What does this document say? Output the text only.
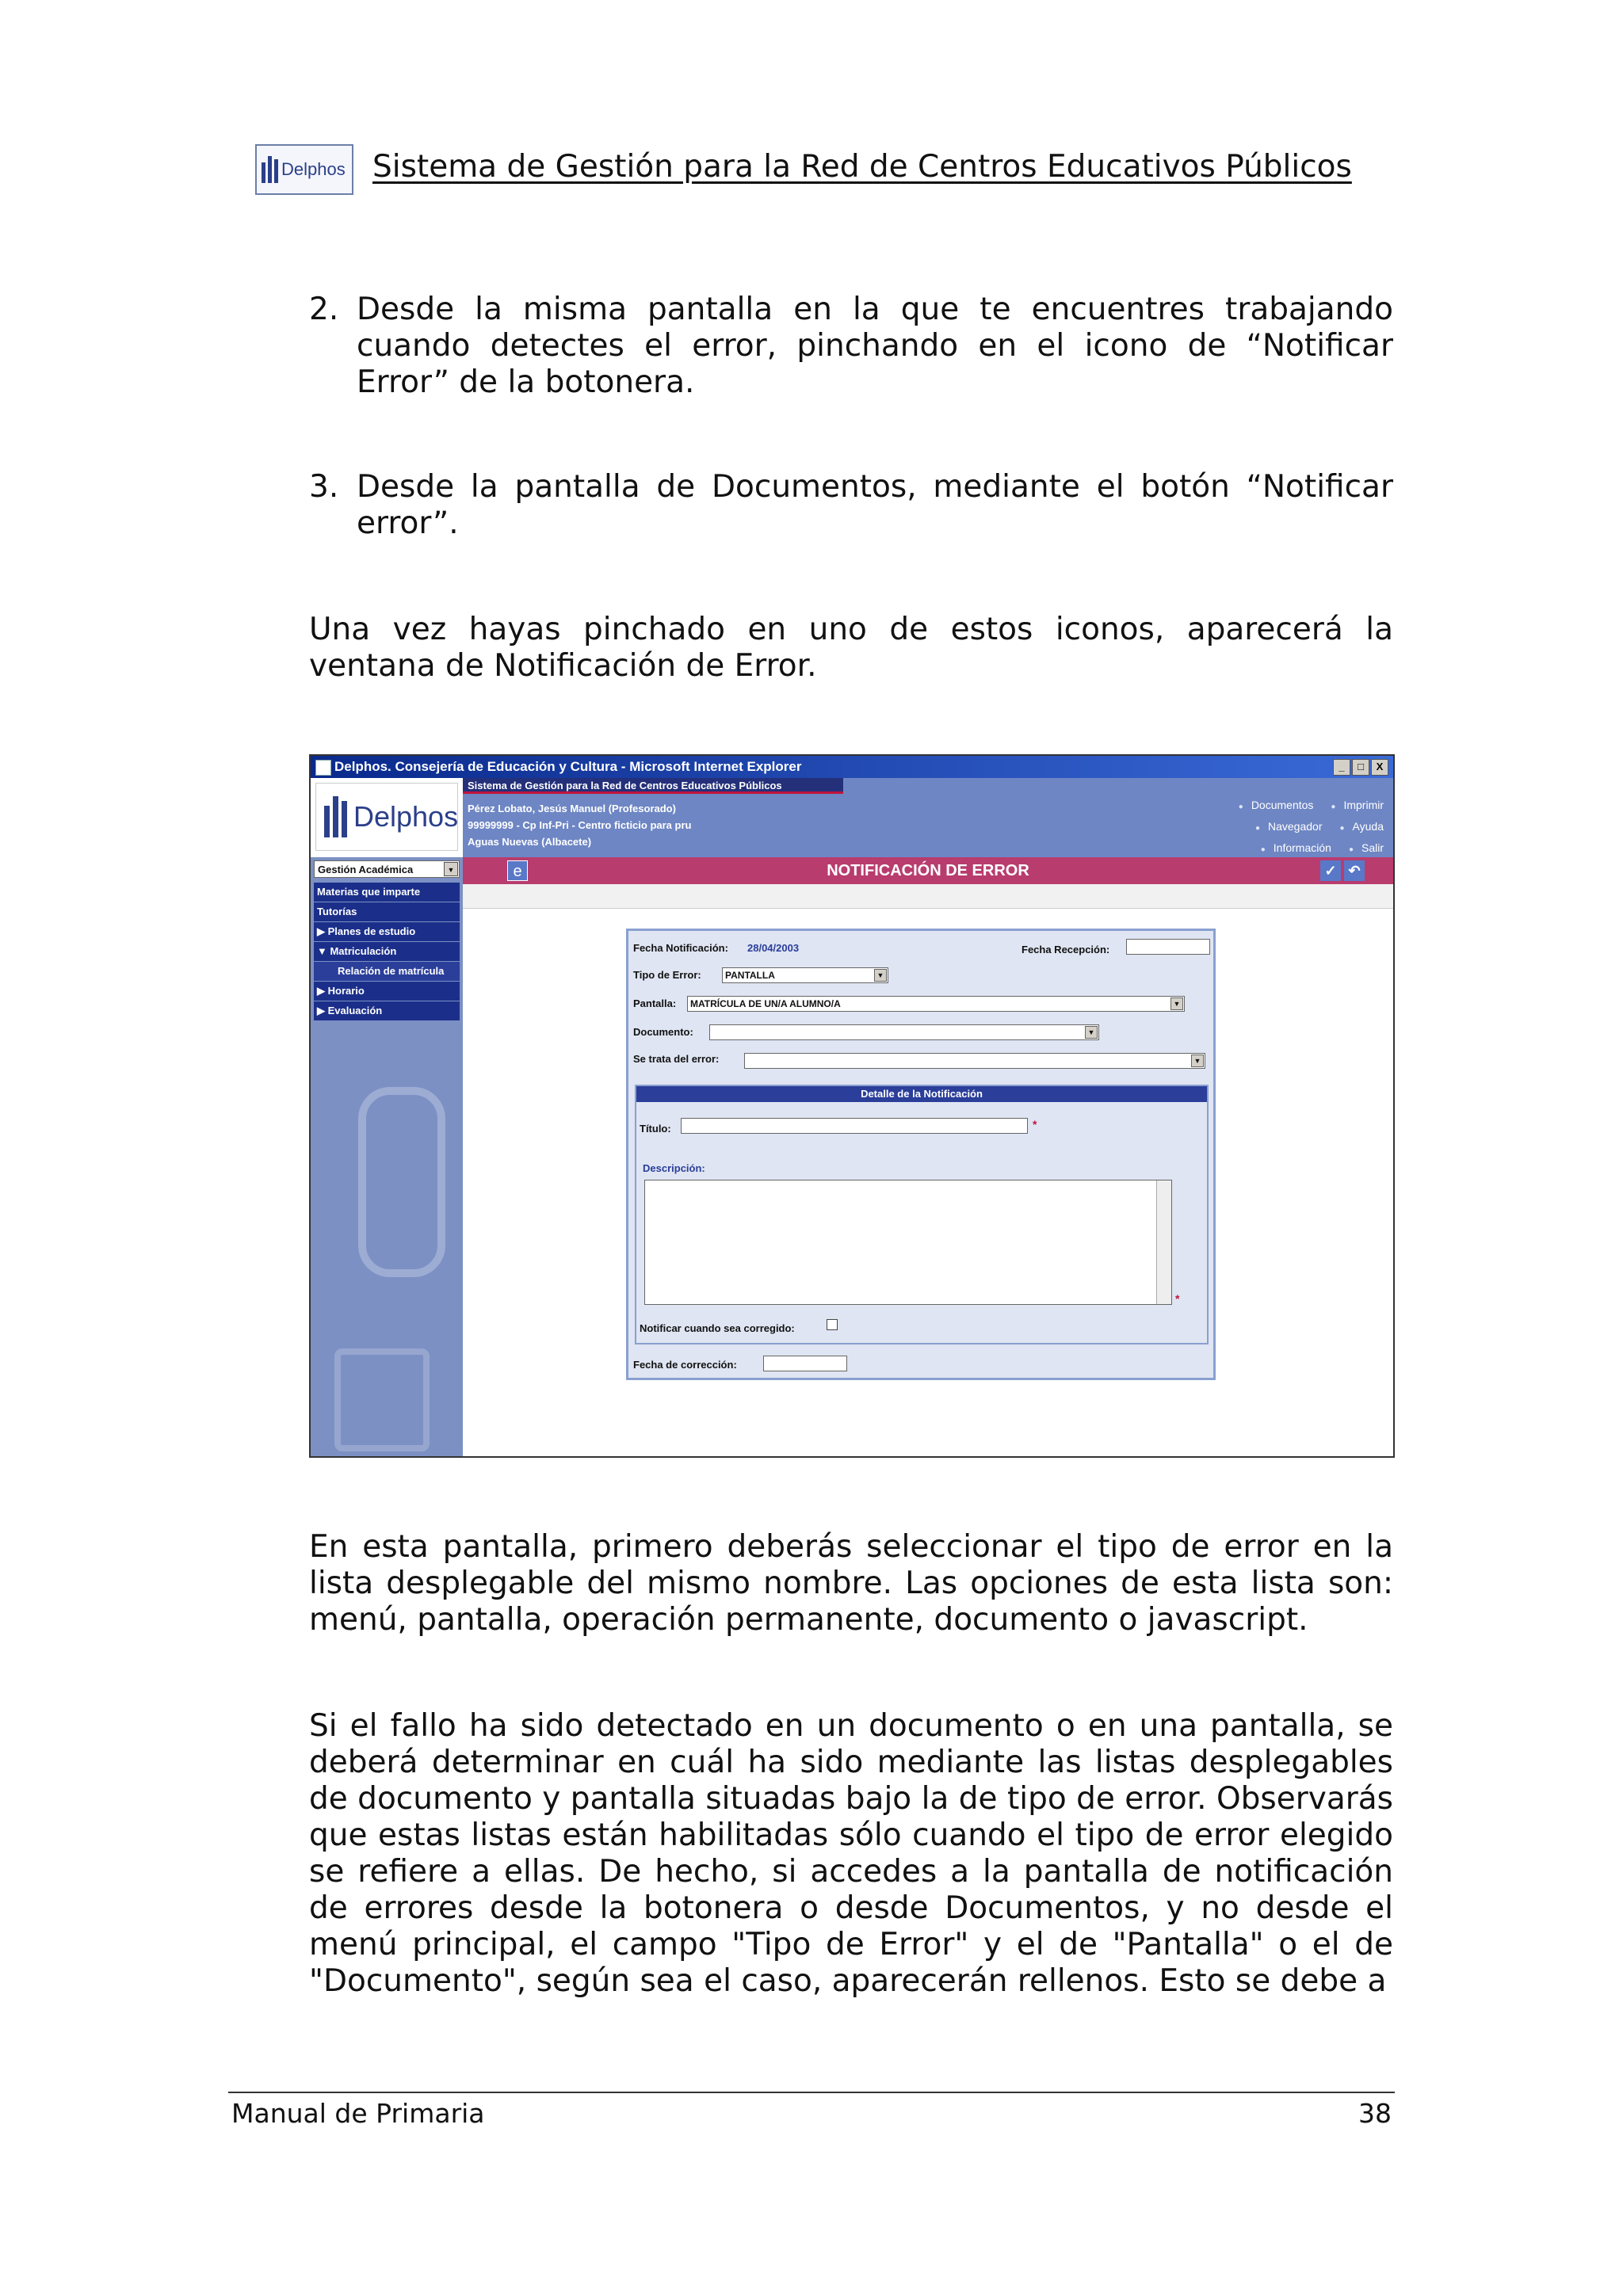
Delphos Sistema de Gestión para la Red de Centros Educativos Públicos
2. Desde la misma pantalla en la que te encuentres trabajando cuando detectes el error, pinchando en el icono de “Notificar Error” de la botonera.
3. Desde la pantalla de Documentos, mediante el botón “Notificar error”.
Una vez hayas pinchado en uno de estos iconos, aparecerá la ventana de Notificación de Error.
Delphos. Consejería de Educación y Cultura - Microsoft Internet Explorer	_	□	X
Delphos
Sistema de Gestión para la Red de Centros Educativos Públicos
Pérez Lobato, Jesús Manuel (Profesorado)
99999999 - Cp Inf-Pri - Centro ficticio para pru
Aguas Nuevas (Albacete)
● Documentos	● Imprimir
● Navegador	● Ayuda
● Información	● Salir
Gestión Académica	▼
Materias que imparte
Tutorías
▶ Planes de estudio
▼ Matriculación
Relación de matrícula
▶ Horario
▶ Evaluación
NOTIFICACIÓN DE ERROR
e	✓ ↶
Fecha Notificación: 28/04/2003	Fecha Recepción:
Tipo de Error:	PANTALLA	▼
Pantalla:	MATRÍCULA DE UN/A ALUMNO/A	▼
Documento:	▼
Se trata del error:	▼
Detalle de la Notificación
Título:	*
Descripción:
*
Notificar cuando sea corregido:
Fecha de corrección:
En esta pantalla, primero deberás seleccionar el tipo de error en la lista desplegable del mismo nombre. Las opciones de esta lista son: menú, pantalla, operación permanente, documento o javascript.
Si el fallo ha sido detectado en un documento o en una pantalla, se deberá determinar en cuál ha sido mediante las listas desplegables de documento y pantalla situadas bajo la de tipo de error. Observarás que estas listas están habilitadas sólo cuando el tipo de error elegido se refiere a ellas. De hecho, si accedes a la pantalla de notificación de errores desde la botonera o desde Documentos, y no desde el menú principal, el campo "Tipo de Error" y el de "Pantalla" o el de "Documento", según sea el caso, aparecerán rellenos. Esto se debe a
Manual de Primaria	38
